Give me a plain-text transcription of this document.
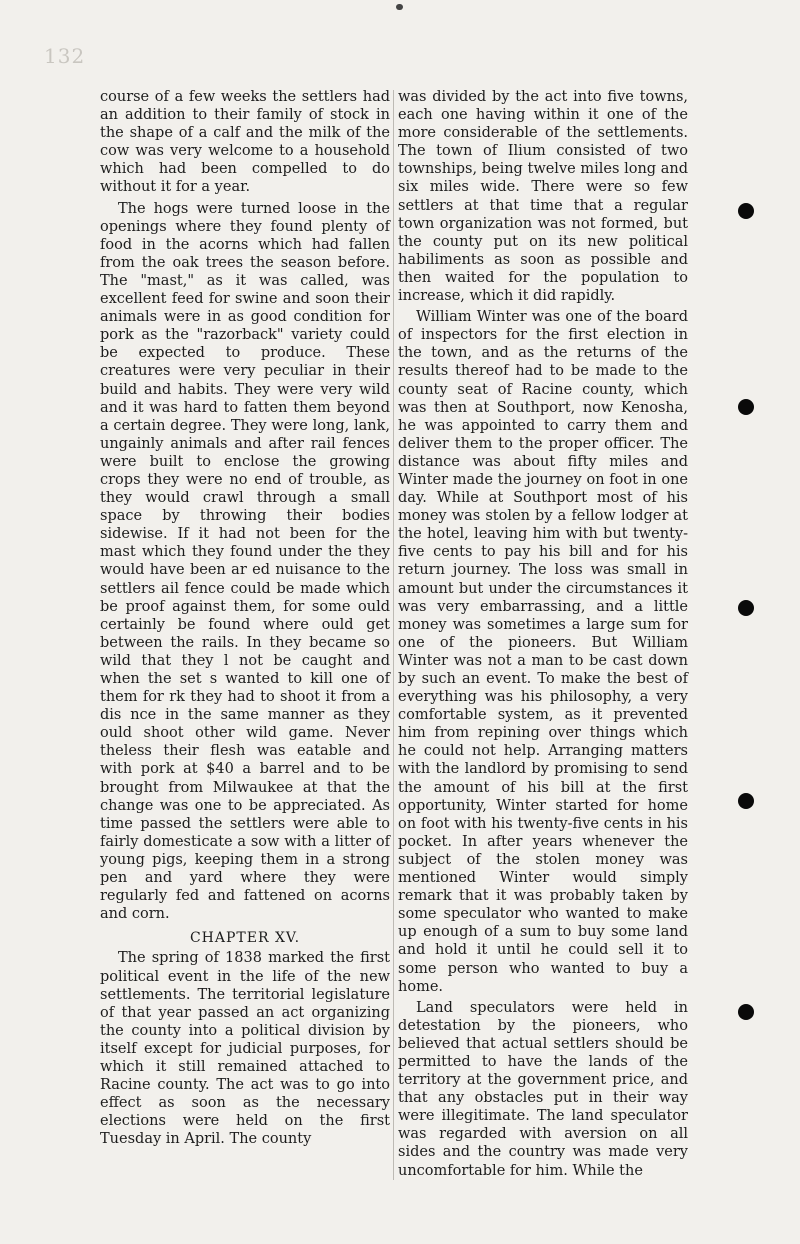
132

course of a few weeks the settlers had an addition to their family of stock in the shape of a calf and the milk of the cow was very welcome to a household which had been compelled to do without it for a year.

The hogs were turned loose in the openings where they found plenty of food in the acorns which had fallen from the oak trees the season before. The "mast," as it was called, was excellent feed for swine and soon their animals were in as good condition for pork as the "razorback" variety could be expected to produce. These creatures were very peculiar in their build and habits. They were very wild and it was hard to fatten them beyond a certain degree. They were long, lank, ungainly animals and after rail fences were built to enclose the growing crops they were no end of trouble, as they would crawl through a small space by throwing their bodies sidewise. If it had not been for the mast which they found under the they would have been ar ed nuisance to the settlers ail fence could be made which be proof against them, for some ould certainly be found where ould get between the rails. In they became so wild that they l not be caught and when the set s wanted to kill one of them for rk they had to shoot it from a dis nce in the same manner as they ould shoot other wild game. Never theless their flesh was eatable and with pork at $40 a barrel and to be brought from Milwaukee at that the change was one to be appreciated. As time passed the settlers were able to fairly domesticate a sow with a litter of young pigs, keeping them in a strong pen and yard where they were regularly fed and fattened on acorns and corn.

CHAPTER XV.

The spring of 1838 marked the first political event in the life of the new settlements. The territorial legislature of that year passed an act organizing the county into a political division by itself except for judicial purposes, for which it still remained attached to Racine county. The act was to go into effect as soon as the necessary elections were held on the first Tuesday in April. The county

was divided by the act into five towns, each one having within it one of the more considerable of the settlements. The town of Ilium consisted of two townships, being twelve miles long and six miles wide. There were so few settlers at that time that a regular town organization was not formed, but the county put on its new political habiliments as soon as possible and then waited for the population to increase, which it did rapidly.

William Winter was one of the board of inspectors for the first election in the town, and as the returns of the results thereof had to be made to the county seat of Racine county, which was then at Southport, now Kenosha, he was appointed to carry them and deliver them to the proper officer. The distance was about fifty miles and Winter made the journey on foot in one day. While at Southport most of his money was stolen by a fellow lodger at the hotel, leaving him with but twenty-five cents to pay his bill and for his return journey. The loss was small in amount but under the circumstances it was very embarrassing, and a little money was sometimes a large sum for one of the pioneers. But William Winter was not a man to be cast down by such an event. To make the best of everything was his philosophy, a very comfortable system, as it prevented him from repining over things which he could not help. Arranging matters with the landlord by promising to send the amount of his bill at the first opportunity, Winter started for home on foot with his twenty-five cents in his pocket. In after years whenever the subject of the stolen money was mentioned Winter would simply remark that it was probably taken by some speculator who wanted to make up enough of a sum to buy some land and hold it until he could sell it to some person who wanted to buy a home.

Land speculators were held in detestation by the pioneers, who believed that actual settlers should be permitted to have the lands of the territory at the government price, and that any obstacles put in their way were illegitimate. The land speculator was regarded with aversion on all sides and the country was made very uncomfortable for him. While the
